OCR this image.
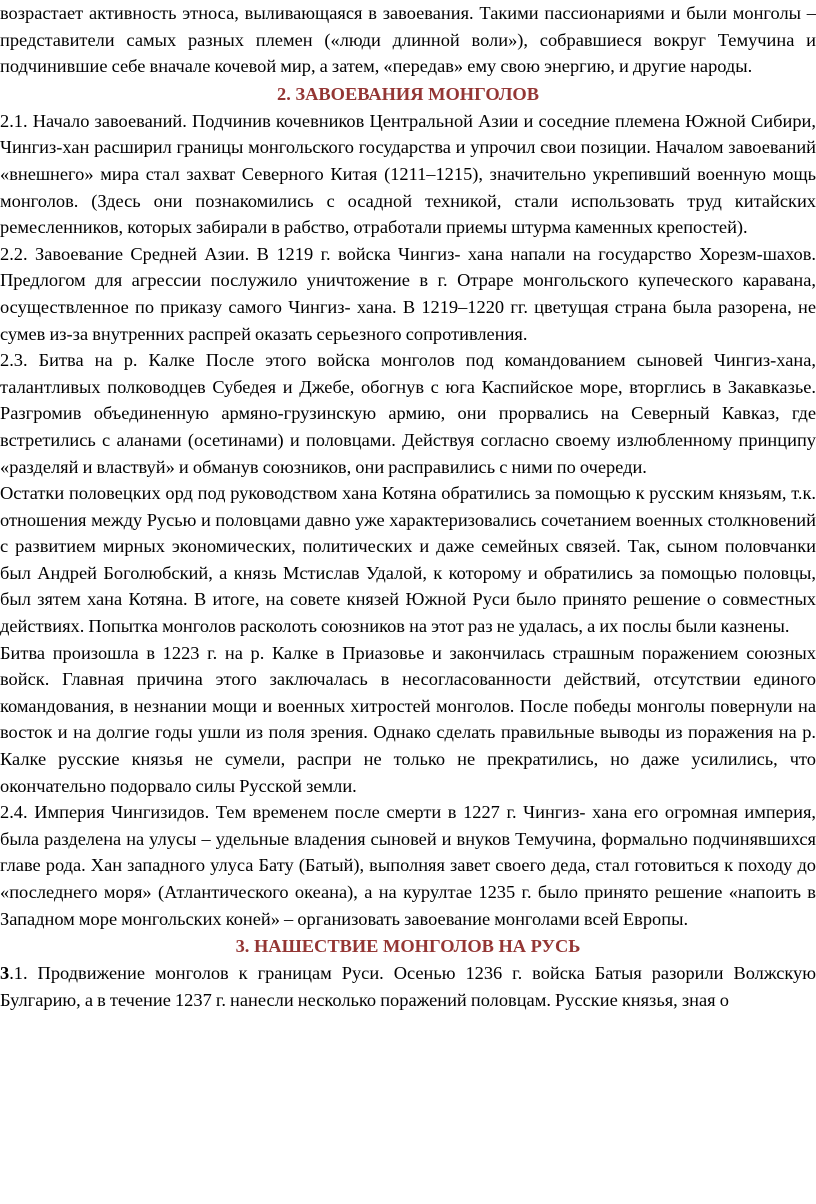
возрастает активность этноса, выливающаяся в завоевания. Такими пассионариями и были монголы – представители самых разных племен («люди длинной воли»), собравшиеся вокруг Темучина и подчинившие себе вначале кочевой мир, а затем, «передав» ему свою энергию, и другие народы.

2. ЗАВОЕВАНИЯ МОНГОЛОВ

2.1. Начало завоеваний. Подчинив кочевников Центральной Азии и соседние племена Южной Сибири, Чингиз-хан расширил границы монгольского государства и упрочил свои позиции. Началом завоеваний «внешнего» мира стал захват Северного Китая (1211–1215), значительно укрепивший военную мощь монголов. (Здесь они познакомились с осадной техникой, стали использовать труд китайских ремесленников, которых забирали в рабство, отработали приемы штурма каменных крепостей).

2.2. Завоевание Средней Азии. В 1219 г. войска Чингиз- хана напали на государство Хорезм-шахов. Предлогом для агрессии послужило уничтожение в г. Отраре монгольского купеческого каравана, осуществленное по приказу самого Чингиз- хана. В 1219–1220 гг. цветущая страна была разорена, не сумев из-за внутренних распрей оказать серьезного сопротивления.

2.3. Битва на р. Калке После этого войска монголов под командованием сыновей Чингиз-хана, талантливых полководцев Субедея и Джебе, обогнув с юга Каспийское море, вторглись в Закавказье. Разгромив объединенную армяно-грузинскую армию, они прорвались на Северный Кавказ, где встретились с аланами (осетинами) и половцами. Действуя согласно своему излюбленному принципу «разделяй и властвуй» и обманув союзников, они расправились с ними по очереди.

Остатки половецких орд под руководством хана Котяна обратились за помощью к русским князьям, т.к. отношения между Русью и половцами давно уже характеризовались сочетанием военных столкновений с развитием мирных экономических, политических и даже семейных связей. Так, сыном половчанки был Андрей Боголюбский, а князь Мстислав Удалой, к которому и обратились за помощью половцы, был зятем хана Котяна. В итоге, на совете князей Южной Руси было принято решение о совместных действиях. Попытка монголов расколоть союзников на этот раз не удалась, а их послы были казнены.

Битва произошла в 1223 г. на р. Калке в Приазовье и закончилась страшным поражением союзных войск. Главная причина этого заключалась в несогласованности действий, отсутствии единого командования, в незнании мощи и военных хитростей монголов. После победы монголы повернули на восток и на долгие годы ушли из поля зрения. Однако сделать правильные выводы из поражения на р. Калке русские князья не сумели, распри не только не прекратились, но даже усилились, что окончательно подорвало силы Русской земли.

2.4. Империя Чингизидов. Тем временем после смерти в 1227 г. Чингиз- хана его огромная империя, была разделена на улусы – удельные владения сыновей и внуков Темучина, формально подчинявшихся главе рода. Хан западного улуса Бату (Батый), выполняя завет своего деда, стал готовиться к походу до «последнего моря» (Атлантического океана), а на курултае 1235 г. было принято решение «напоить в Западном море монгольских коней» – организовать завоевание монголами всей Европы.

3. НАШЕСТВИЕ МОНГОЛОВ НА РУСЬ

3.1. Продвижение монголов к границам Руси. Осенью 1236 г. войска Батыя разорили Волжскую Булгарию, а в течение 1237 г. нанесли несколько поражений половцам. Русские князья, зная о
